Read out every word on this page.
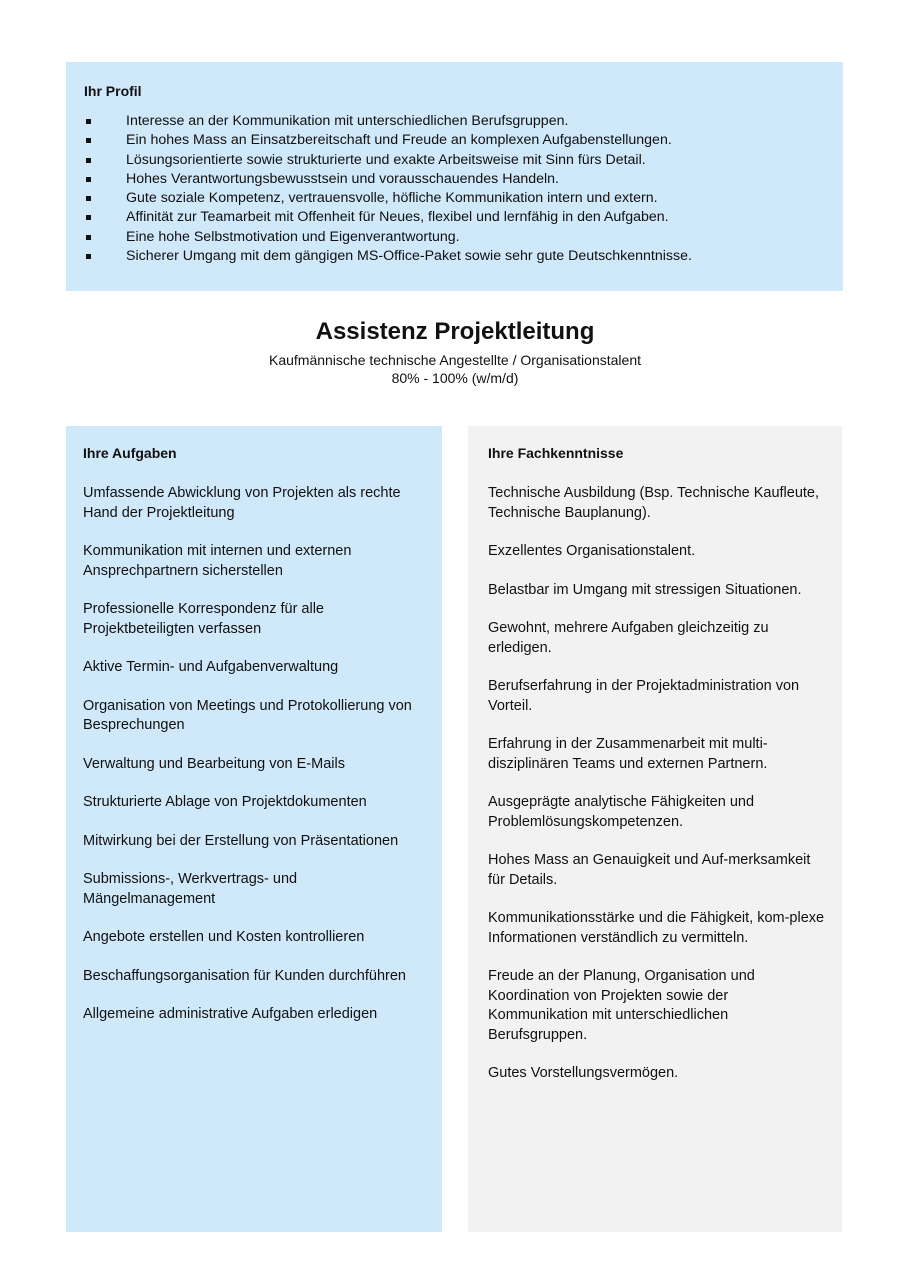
Ihr Profil

Interesse an der Kommunikation mit unterschiedlichen Berufsgruppen.
Ein hohes Mass an Einsatzbereitschaft und Freude an komplexen Aufgabenstellungen.
Lösungsorientierte sowie strukturierte und exakte Arbeitsweise mit Sinn fürs Detail.
Hohes Verantwortungsbewusstsein und vorausschauendes Handeln.
Gute soziale Kompetenz, vertrauensvolle, höfliche Kommunikation intern und extern.
Affinität zur Teamarbeit mit Offenheit für Neues, flexibel und lernfähig in den Aufgaben.
Eine hohe Selbstmotivation und Eigenverantwortung.
Sicherer Umgang mit dem gängigen MS-Office-Paket sowie sehr gute Deutschkenntnisse.

Assistenz Projektleitung

Kaufmännische technische Angestellte / Organisationstalent

80% - 100% (w/m/d)

Ihre Aufgaben

Umfassende Abwicklung von Projekten als rechte Hand der Projektleitung

Kommunikation mit internen und externen Ansprechpartnern sicherstellen

Professionelle Korrespondenz für alle Projektbeteiligten verfassen

Aktive Termin- und Aufgabenverwaltung

Organisation von Meetings und Protokollierung von Besprechungen

Verwaltung und Bearbeitung von E-Mails

Strukturierte Ablage von Projektdokumenten

Mitwirkung bei der Erstellung von Präsentationen

Submissions-, Werkvertrags- und Mängelmanagement

Angebote erstellen und Kosten kontrollieren

Beschaffungsorganisation für Kunden durchführen

Allgemeine administrative Aufgaben erledigen

Ihre Fachkenntnisse

Technische Ausbildung (Bsp. Technische Kaufleute, Technische Bauplanung).

Exzellentes Organisationstalent.

Belastbar im Umgang mit stressigen Situationen.

Gewohnt, mehrere Aufgaben gleichzeitig zu erledigen.

Berufserfahrung in der Projektadministration von Vorteil.

Erfahrung in der Zusammenarbeit mit multi-disziplinären Teams und externen Partnern.

Ausgeprägte analytische Fähigkeiten und Problemlösungskompetenzen.

Hohes Mass an Genauigkeit und Auf-merksamkeit für Details.

Kommunikationsstärke und die Fähigkeit, kom-plexe Informationen verständlich zu vermitteln.

Freude an der Planung, Organisation und Koordination von Projekten sowie der Kommunikation mit unterschiedlichen Berufsgruppen.

Gutes Vorstellungsvermögen.
